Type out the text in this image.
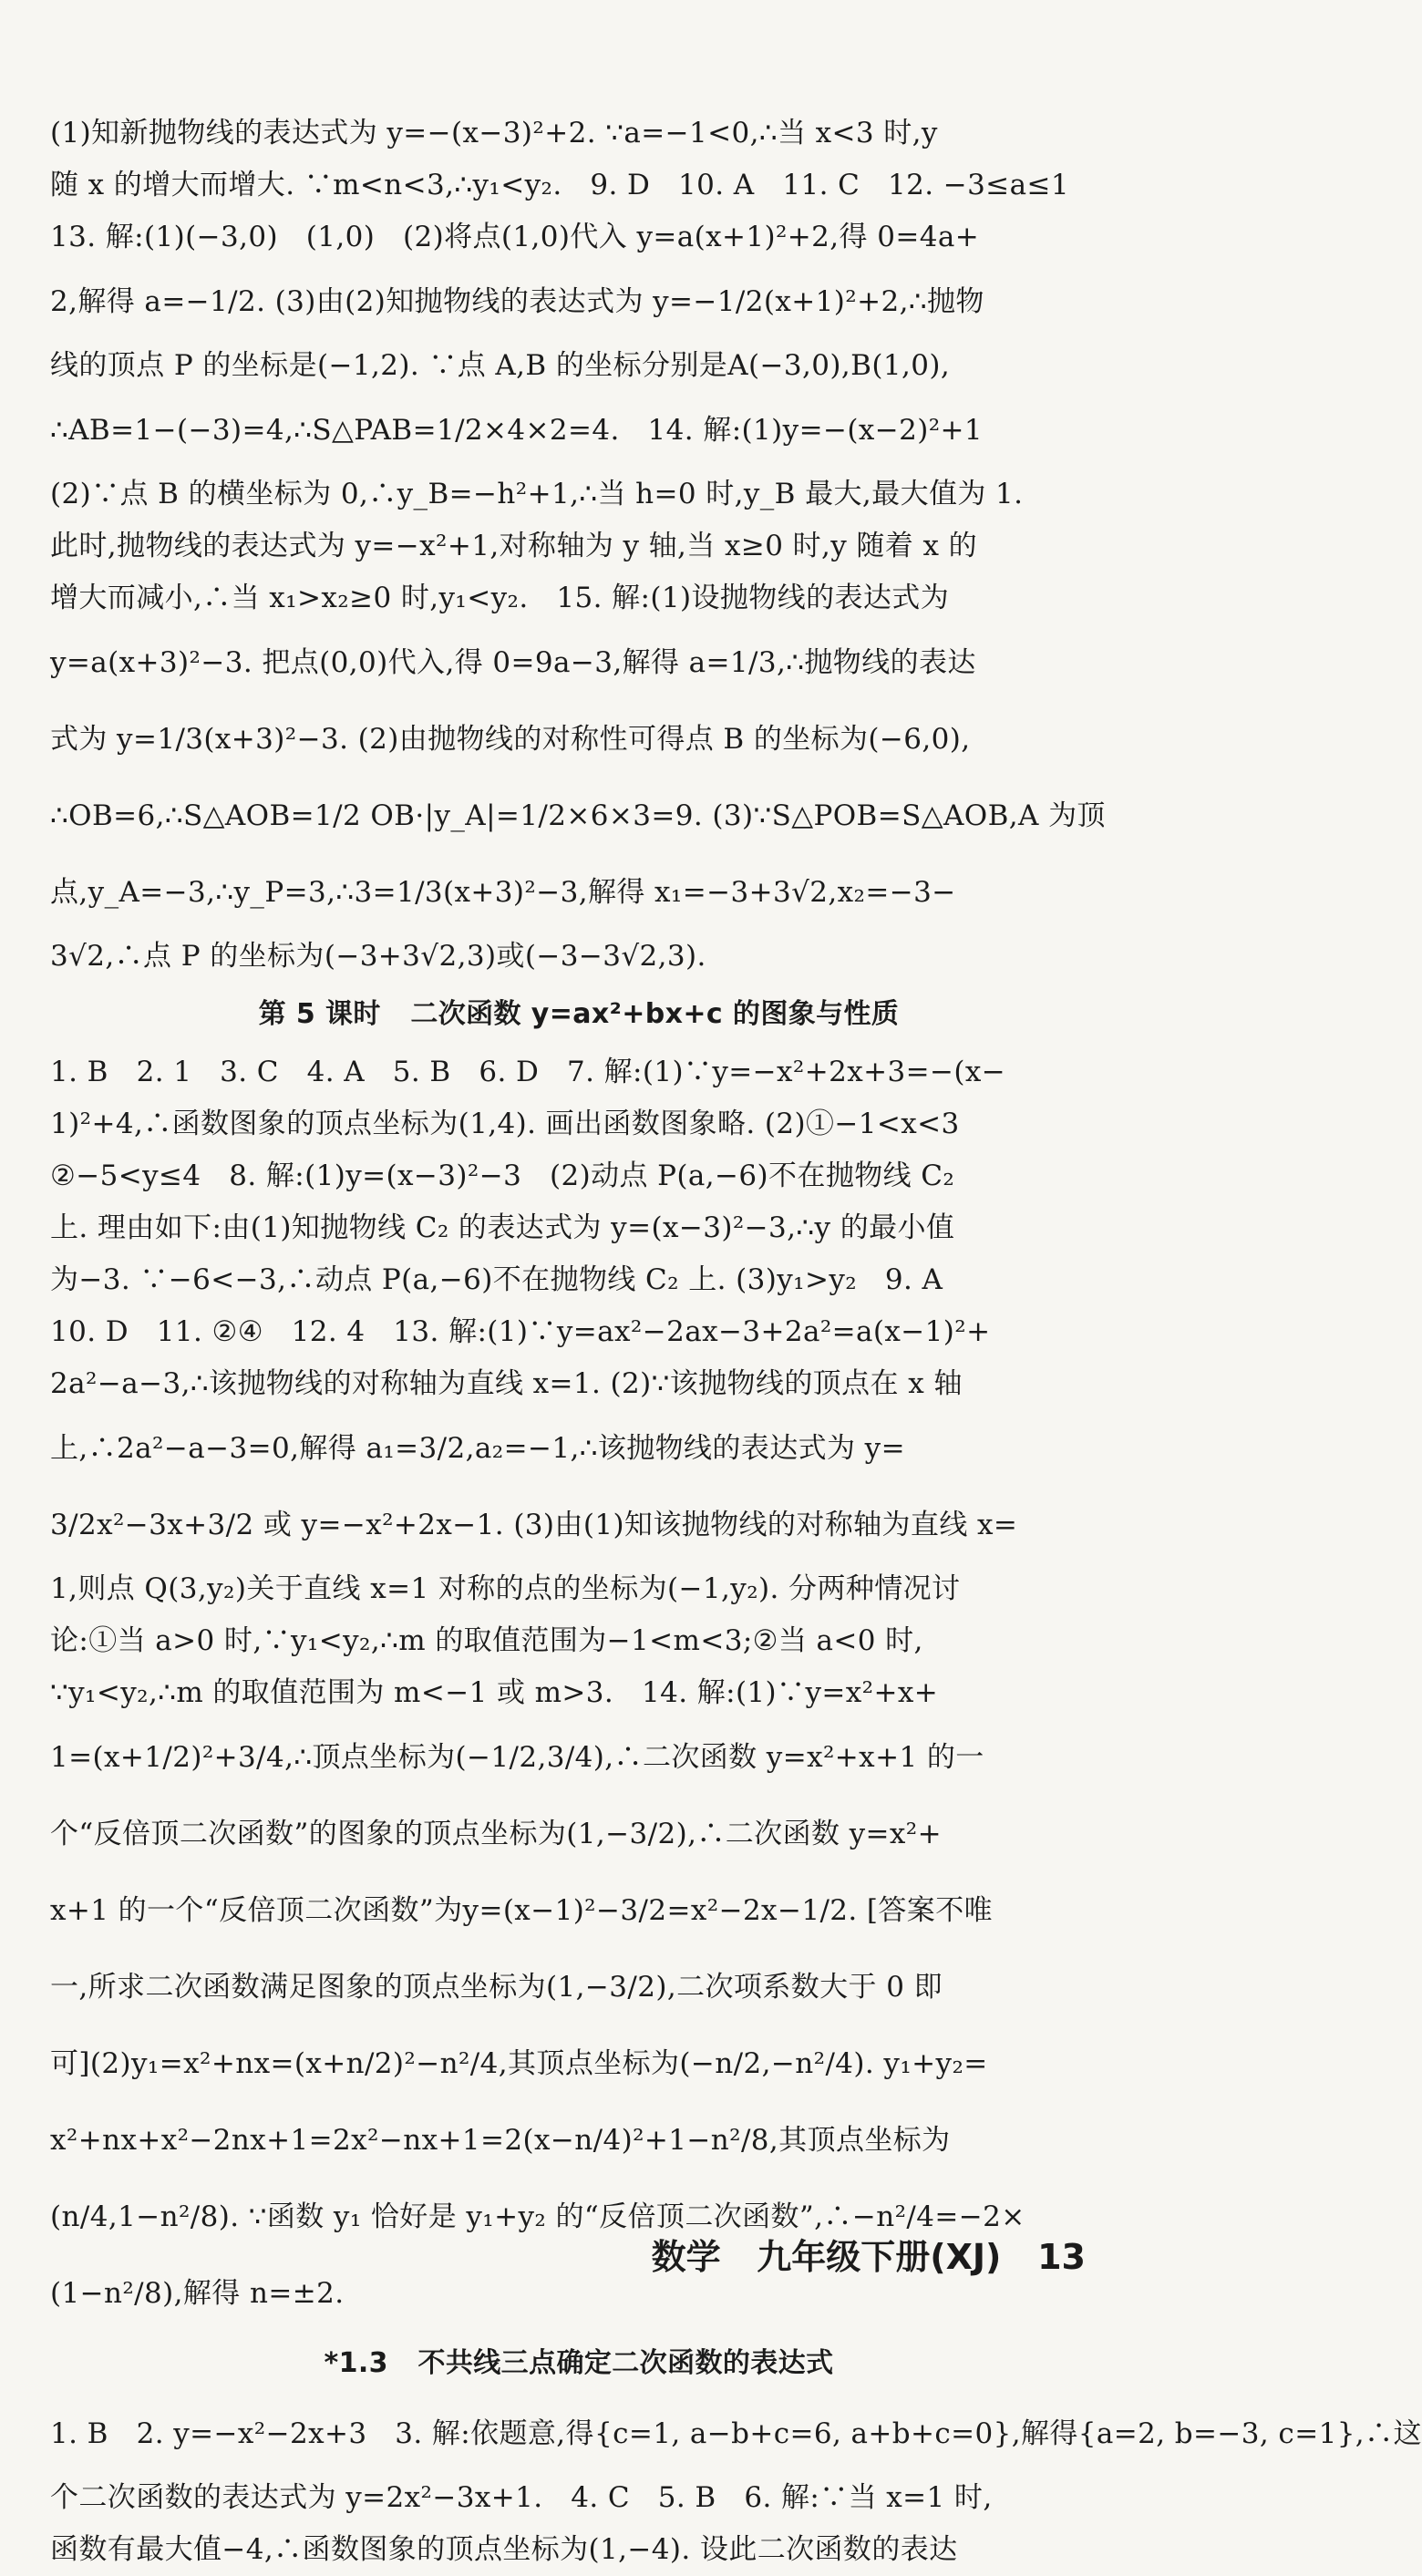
(1)知新抛物线的表达式为 y=−(x−3)²+2. ∵a=−1<0,∴当 x<3 时,y
随 x 的增大而增大. ∵m<n<3,∴y₁<y₂.   9. D   10. A   11. C   12. −3≤a≤1
13. 解:(1)(−3,0)   (1,0)   (2)将点(1,0)代入 y=a(x+1)²+2,得 0=4a+
2,解得 a=−1/2. (3)由(2)知抛物线的表达式为 y=−1/2(x+1)²+2,∴抛物
线的顶点 P 的坐标是(−1,2). ∵点 A,B 的坐标分别是A(−3,0),B(1,0),
∴AB=1−(−3)=4,∴S△PAB=1/2×4×2=4.   14. 解:(1)y=−(x−2)²+1
(2)∵点 B 的横坐标为 0,∴y_B=−h²+1,∴当 h=0 时,y_B 最大,最大值为 1.
此时,抛物线的表达式为 y=−x²+1,对称轴为 y 轴,当 x≥0 时,y 随着 x 的
增大而减小,∴当 x₁>x₂≥0 时,y₁<y₂.   15. 解:(1)设抛物线的表达式为
y=a(x+3)²−3. 把点(0,0)代入,得 0=9a−3,解得 a=1/3,∴抛物线的表达
式为 y=1/3(x+3)²−3. (2)由抛物线的对称性可得点 B 的坐标为(−6,0),
∴OB=6,∴S△AOB=1/2 OB·|y_A|=1/2×6×3=9. (3)∵S△POB=S△AOB,A 为顶
点,y_A=−3,∴y_P=3,∴3=1/3(x+3)²−3,解得 x₁=−3+3√2,x₂=−3−
3√2,∴点 P 的坐标为(−3+3√2,3)或(−3−3√2,3).
第 5 课时   二次函数 y=ax²+bx+c 的图象与性质
1. B   2. 1   3. C   4. A   5. B   6. D   7. 解:(1)∵y=−x²+2x+3=−(x−
1)²+4,∴函数图象的顶点坐标为(1,4). 画出函数图象略. (2)①−1<x<3
②−5<y≤4   8. 解:(1)y=(x−3)²−3   (2)动点 P(a,−6)不在抛物线 C₂
上. 理由如下:由(1)知抛物线 C₂ 的表达式为 y=(x−3)²−3,∴y 的最小值
为−3. ∵−6<−3,∴动点 P(a,−6)不在抛物线 C₂ 上. (3)y₁>y₂   9. A
10. D   11. ②④   12. 4   13. 解:(1)∵y=ax²−2ax−3+2a²=a(x−1)²+
2a²−a−3,∴该抛物线的对称轴为直线 x=1. (2)∵该抛物线的顶点在 x 轴
上,∴2a²−a−3=0,解得 a₁=3/2,a₂=−1,∴该抛物线的表达式为 y=
3/2x²−3x+3/2 或 y=−x²+2x−1. (3)由(1)知该抛物线的对称轴为直线 x=
1,则点 Q(3,y₂)关于直线 x=1 对称的点的坐标为(−1,y₂). 分两种情况讨
论:①当 a>0 时,∵y₁<y₂,∴m 的取值范围为−1<m<3;②当 a<0 时,
∵y₁<y₂,∴m 的取值范围为 m<−1 或 m>3.   14. 解:(1)∵y=x²+x+
1=(x+1/2)²+3/4,∴顶点坐标为(−1/2,3/4),∴二次函数 y=x²+x+1 的一
个“反倍顶二次函数”的图象的顶点坐标为(1,−3/2),∴二次函数 y=x²+
x+1 的一个“反倍顶二次函数”为y=(x−1)²−3/2=x²−2x−1/2. [答案不唯
一,所求二次函数满足图象的顶点坐标为(1,−3/2),二次项系数大于 0 即
可](2)y₁=x²+nx=(x+n/2)²−n²/4,其顶点坐标为(−n/2,−n²/4). y₁+y₂=
x²+nx+x²−2nx+1=2x²−nx+1=2(x−n/4)²+1−n²/8,其顶点坐标为
(n/4,1−n²/8). ∵函数 y₁ 恰好是 y₁+y₂ 的“反倍顶二次函数”,∴−n²/4=−2×
(1−n²/8),解得 n=±2.
*1.3   不共线三点确定二次函数的表达式
1. B   2. y=−x²−2x+3   3. 解:依题意,得{c=1, a−b+c=6, a+b+c=0},解得{a=2, b=−3, c=1},∴这
个二次函数的表达式为 y=2x²−3x+1.   4. C   5. B   6. 解:∵当 x=1 时,
函数有最大值−4,∴函数图象的顶点坐标为(1,−4). 设此二次函数的表达
数学   九年级下册(XJ)   13
